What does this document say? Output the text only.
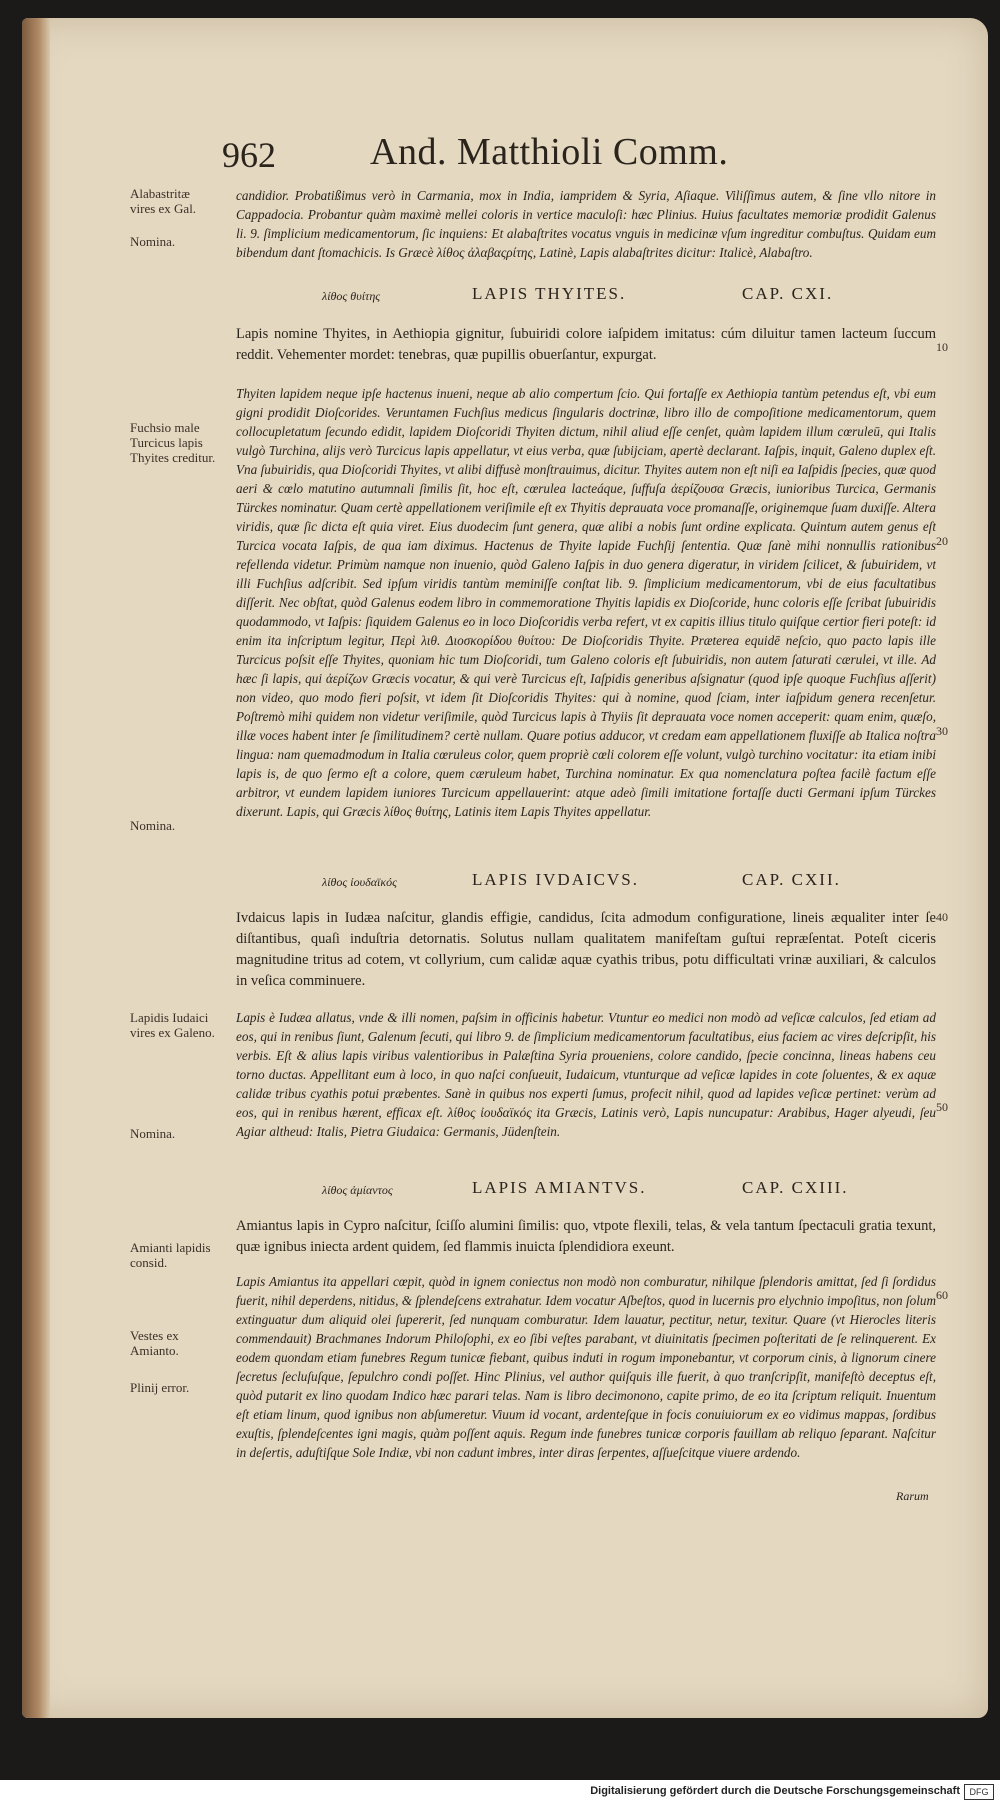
962 And. Matthioli Comm.
Alabastritæ vires ex Gal.
Nomina.
Fuchsio male Turcicus lapis Thyites creditur.
Nomina.
Lapidis Iudaici vires ex Galeno.
Nomina.
Amianti lapidis consid.
Vestes ex Amianto.
Plinij error.
10
20
30
40
50
60
candidior. Probatißimus verò in Carmania, mox in India, iampridem & Syria, Aſiaque. Viliſſimus autem, & ſine vllo nitore in Cappadocia. Probantur quàm maximè mellei coloris in vertice maculoſi: hæc Plinius. Huius facultates memoriæ prodidit Galenus li. 9. ſimplicium medicamentorum, ſic inquiens: Et alabaſtrites vocatus vnguis in medicinæ vſum ingreditur combuſtus. Quidam eum bibendum dant ſtomachicis. Is Græcè λίθος ἀλαβαςρίτης, Latinè, Lapis alabaſtrites dicitur: Italicè, Alabaſtro.
λίθος θυίτης	LAPIS THYITES.	CAP. CXI.
Lapis nomine Thyites, in Aethiopia gignitur, ſubuiridi colore iaſpidem imitatus: cúm diluitur tamen lacteum ſuccum reddit. Vehementer mordet: tenebras, quæ pupillis obuerſantur, expurgat.
Thyiten lapidem neque ipſe hactenus inueni, neque ab alio compertum ſcio. Qui fortaſſe ex Aethiopia tantùm petendus eſt, vbi eum gigni prodidit Dioſcorides. Veruntamen Fuchſius medicus ſingularis doctrinæ, libro illo de compoſitione medicamentorum, quem collocupletatum ſecundo edidit, lapidem Dioſcoridi Thyiten dictum, nihil aliud eſſe cenſet, quàm lapidem illum cœruleū, qui Italis vulgò Turchina, alijs verò Turcicus lapis appellatur, vt eius verba, quæ ſubijciam, apertè declarant. Iaſpis, inquit, Galeno duplex eſt. Vna ſubuiridis, qua Dioſcoridi Thyites, vt alibi diffusè monſtrauimus, dicitur. Thyites autem non eſt niſi ea Iaſpidis ſpecies, quæ quod aeri & cœlo matutino autumnali ſimilis ſit, hoc eſt, cœrulea lacteáque, ſuffuſa ἀερίζουσα Græcis, iunioribus Turcica, Germanis Türckes nominatur. Quam certè appellationem veriſimile eſt ex Thyitis deprauata voce promanaſſe, originemque ſuam duxiſſe. Altera viridis, quæ ſic dicta eſt quia viret. Eius duodecim ſunt genera, quæ alibi a nobis ſunt ordine explicata. Quintum autem genus eſt Turcica vocata Iaſpis, de qua iam diximus. Hactenus de Thyite lapide Fuchſij ſententia. Quæ ſanè mihi nonnullis rationibus refellenda videtur. Primùm namque non inuenio, quòd Galeno Iaſpis in duo genera digeratur, in viridem ſcilicet, & ſubuiridem, vt illi Fuchſius adſcribit. Sed ipſum viridis tantùm meminiſſe conſtat lib. 9. ſimplicium medicamentorum, vbi de eius facultatibus diſſerit. Nec obſtat, quòd Galenus eodem libro in commemoratione Thyitis lapidis ex Dioſcoride, hunc coloris eſſe ſcribat ſubuiridis quodammodo, vt Iaſpis: ſiquidem Galenus eo in loco Dioſcoridis verba refert, vt ex capitis illius titulo quiſque certior fieri poteſt: id enim ita inſcriptum legitur, Περὶ λιθ. Διοσκορίδου θυίτου: De Dioſcoridis Thyite. Præterea equidē neſcio, quo pacto lapis ille Turcicus poſsit eſſe Thyites, quoniam hic tum Dioſcoridi, tum Galeno coloris eſt ſubuiridis, non autem ſaturati cærulei, vt ille. Ad hæc ſi lapis, qui ἀερίζων Græcis vocatur, & qui verè Turcicus eſt, Iaſpidis generibus aſsignatur (quod ipſe quoque Fuchſius aſſerit) non video, quo modo fieri poſsit, vt idem ſit Dioſcoridis Thyites: qui à nomine, quod ſciam, inter iaſpidum genera recenſetur. Poſtremò mihi quidem non videtur veriſimile, quòd Turcicus lapis à Thyiis ſit deprauata voce nomen acceperit: quam enim, quæſo, illæ voces habent inter ſe ſimilitudinem? certè nullam. Quare potius adducor, vt credam eam appellationem fluxiſſe ab Italica noſtra lingua: nam quemadmodum in Italia cœruleus color, quem propriè cœli colorem eſſe volunt, vulgò turchino vocitatur: ita etiam inibi lapis is, de quo ſermo eſt a colore, quem cæruleum habet, Turchina nominatur. Ex qua nomenclatura poſtea facilè factum eſſe arbitror, vt eundem lapidem iuniores Turcicum appellauerint: atque adeò ſimili imitatione fortaſſe ducti Germani ipſum Türckes dixerunt. Lapis, qui Græcis λίθος θυίτης, Latinis item Lapis Thyites appellatur.
λίθος ἰουδαϊκός	LAPIS IVDAICVS.	CAP. CXII.
Ivdaicus lapis in Iudæa naſcitur, glandis effigie, candidus, ſcita admodum configuratione, lineis æqualiter inter ſe diſtantibus, quaſi induſtria detornatis. Solutus nullam qualitatem manifeſtam guſtui repræſentat. Poteſt ciceris magnitudine tritus ad cotem, vt collyrium, cum calidæ aquæ cyathis tribus, potu difficultati vrinæ auxiliari, & calculos in veſica comminuere.
Lapis è Iudæa allatus, vnde & illi nomen, paſsim in officinis habetur. Vtuntur eo medici non modò ad veſicæ calculos, ſed etiam ad eos, qui in renibus ſiunt, Galenum ſecuti, qui libro 9. de ſimplicium medicamentorum facultatibus, eius faciem ac vires deſcripſit, his verbis. Eſt & alius lapis viribus valentioribus in Palæſtina Syria proueniens, colore candido, ſpecie concinna, lineas habens ceu torno ductas. Appellitant eum à loco, in quo naſci conſueuit, Iudaicum, vtunturque ad veſicæ lapides in cote ſoluentes, & ex aquæ calidæ tribus cyathis potui præbentes. Sanè in quibus nos experti ſumus, profecit nihil, quod ad lapides veſicæ pertinet: verùm ad eos, qui in renibus hærent, efficax eſt. λίθος ἰουδαϊκός ita Græcis, Latinis verò, Lapis nuncupatur: Arabibus, Hager alyeudi, ſeu Agiar altheud: Italis, Pietra Giudaica: Germanis, Jüdenſtein.
λίθος ἀμίαντος	LAPIS AMIANTVS.	CAP. CXIII.
Amiantus lapis in Cypro naſcitur, ſciſſo alumini ſimilis: quo, vtpote flexili, telas, & vela tantum ſpectaculi gratia texunt, quæ ignibus iniecta ardent quidem, ſed flammis inuicta ſplendidiora exeunt.
Lapis Amiantus ita appellari cœpit, quòd in ignem coniectus non modò non comburatur, nihilque ſplendoris amittat, ſed ſi ſordidus fuerit, nihil deperdens, nitidus, & ſplendeſcens extrahatur. Idem vocatur Aſbeſtos, quod in lucernis pro elychnio impoſitus, non ſolum extinguatur dum aliquid olei ſupererit, ſed nunquam comburatur. Idem lauatur, pectitur, netur, texitur. Quare (vt Hierocles literis commendauit) Brachmanes Indorum Philoſophi, ex eo ſibi veſtes parabant, vt diuinitatis ſpecimen poſteritati de ſe relinquerent. Ex eodem quondam etiam funebres Regum tunicæ fiebant, quibus induti in rogum imponebantur, vt corporum cinis, à lignorum cinere ſecretus ſecluſuſque, ſepulchro condi poſſet. Hinc Plinius, vel author quiſquis ille fuerit, à quo tranſcripſit, manifeſtò deceptus eſt, quòd putarit ex lino quodam Indico hæc parari telas. Nam is libro decimonono, capite primo, de eo ita ſcriptum reliquit. Inuentum eſt etiam linum, quod ignibus non abſumeretur. Viuum id vocant, ardenteſque in focis conuiuiorum ex eo vidimus mappas, ſordibus exuſtis, ſplendeſcentes igni magis, quàm poſſent aquis. Regum inde funebres tunicæ corporis fauillam ab reliquo ſeparant. Naſcitur in deſertis, aduſtiſque Sole Indiæ, vbi non cadunt imbres, inter diras ſerpentes, aſſueſcitque viuere ardendo.
Rarum
Digitalisierung gefördert durch die Deutsche Forschungsgemeinschaft	DFG
